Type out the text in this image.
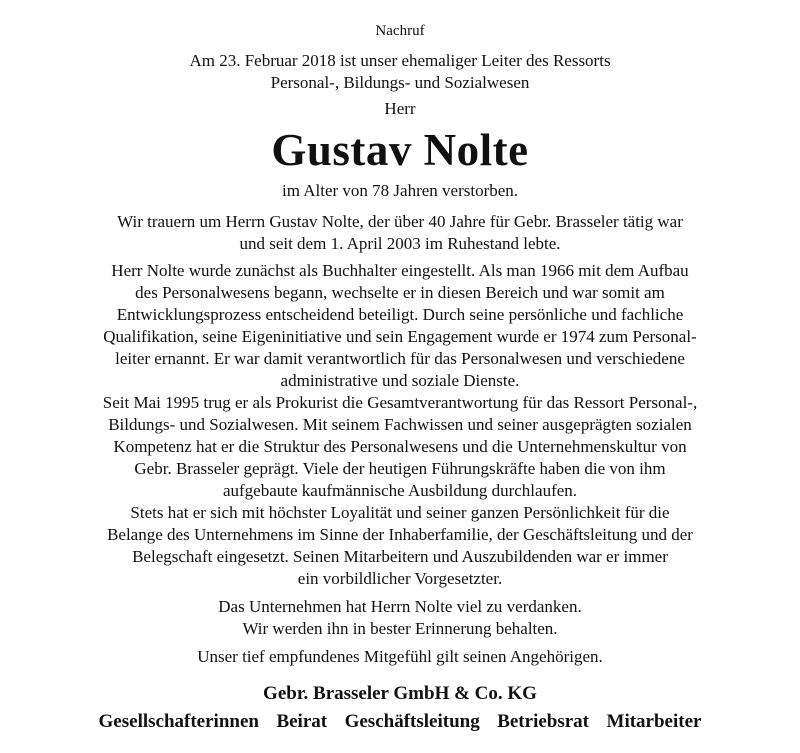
Nachruf
Am 23. Februar 2018 ist unser ehemaliger Leiter des Ressorts
Personal-, Bildungs- und Sozialwesen
Herr
Gustav Nolte
im Alter von 78 Jahren verstorben.
Wir trauern um Herrn Gustav Nolte, der über 40 Jahre für Gebr. Brasseler tätig war
und seit dem 1. April 2003 im Ruhestand lebte.
Herr Nolte wurde zunächst als Buchhalter eingestellt. Als man 1966 mit dem Aufbau
des Personalwesens begann, wechselte er in diesen Bereich und war somit am
Entwicklungsprozess entscheidend beteiligt. Durch seine persönliche und fachliche
Qualifikation, seine Eigeninitiative und sein Engagement wurde er 1974 zum Personal-
leiter ernannt. Er war damit verantwortlich für das Personalwesen und verschiedene
administrative und soziale Dienste.
Seit Mai 1995 trug er als Prokurist die Gesamtverantwortung für das Ressort Personal-,
Bildungs- und Sozialwesen. Mit seinem Fachwissen und seiner ausgeprägten sozialen
Kompetenz hat er die Struktur des Personalwesens und die Unternehmenskultur von
Gebr. Brasseler geprägt. Viele der heutigen Führungskräfte haben die von ihm
aufgebaute kaufmännische Ausbildung durchlaufen.
Stets hat er sich mit höchster Loyalität und seiner ganzen Persönlichkeit für die
Belange des Unternehmens im Sinne der Inhaberfamilie, der Geschäftsleitung und der
Belegschaft eingesetzt. Seinen Mitarbeitern und Auszubildenden war er immer
ein vorbildlicher Vorgesetzter.
Das Unternehmen hat Herrn Nolte viel zu verdanken.
Wir werden ihn in bester Erinnerung behalten.
Unser tief empfundenes Mitgefühl gilt seinen Angehörigen.
Gebr. Brasseler GmbH & Co. KG
Gesellschafterinnen  Beirat  Geschäftsleitung  Betriebsrat  Mitarbeiter
